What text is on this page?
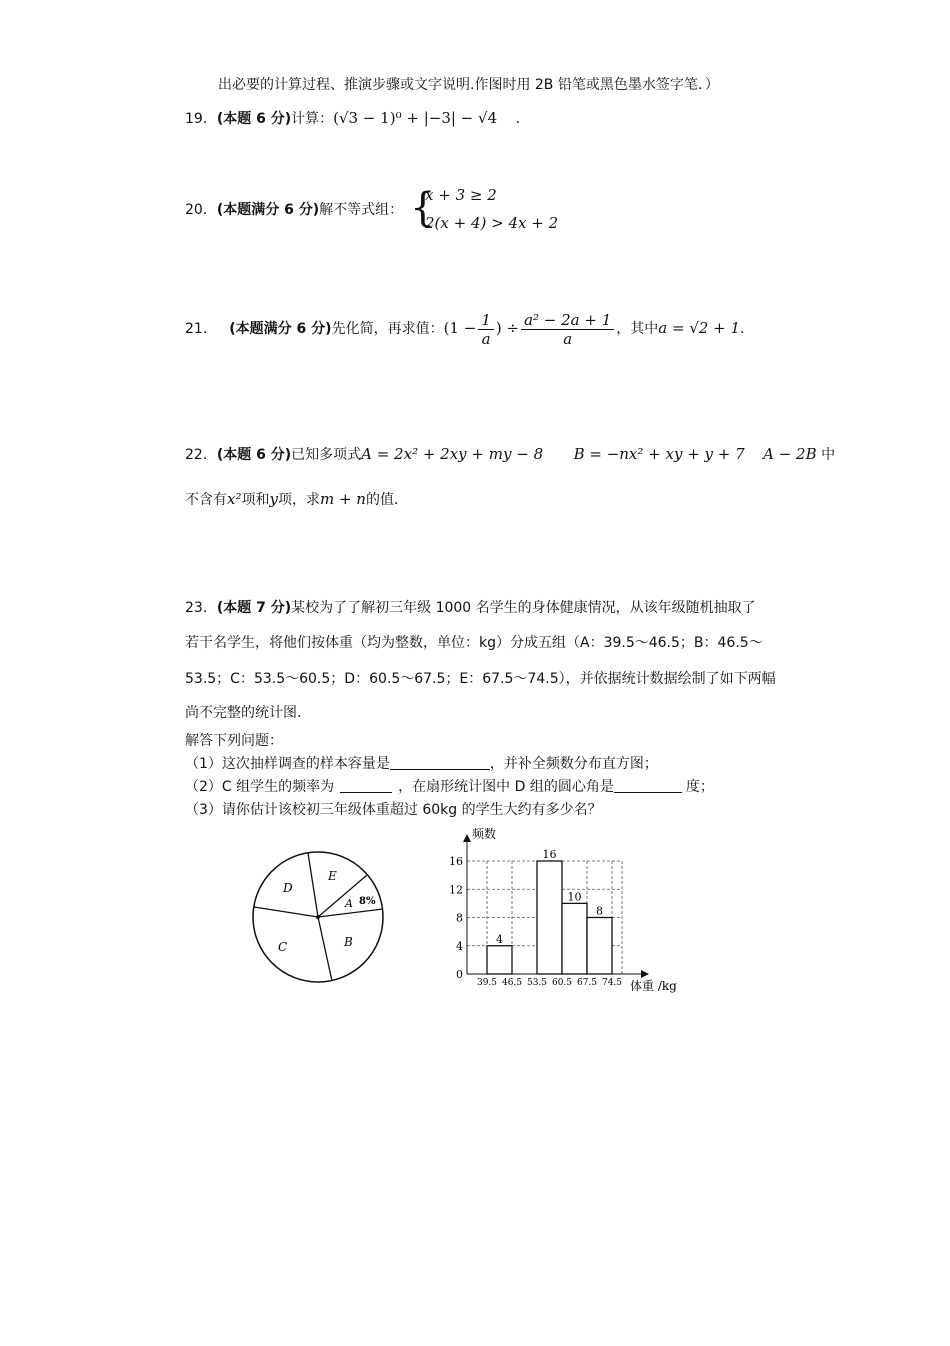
出必要的计算过程、推演步骤或文字说明.作图时用 2B 铅笔或黑色墨水签字笔．）
19．(本题 6 分)计算：(√3 − 1)⁰ + |−3| − √4 ．
20．(本题满分 6 分)解不等式组： {
x + 3 ≥ 2
2(x + 4) > 4x + 2
21． (本题满分 6 分)先化简，再求值：($1 - \frac{1}{a}$ ) ÷ $\frac{\text{a² − 2a + 1}}{a}$ ，其中a = √2 + 1．
22．(本题 6 分)已知多项式A = 2x² + 2xy + my − 8 B = −nx² + xy + y + 7 A − 2B 中
不含有x²项和y项，求m + n的值．
23．(本题 7 分)某校为了了解初三年级 1000 名学生的身体健康情况，从该年级随机抽取了
若干名学生，将他们按体重（均为整数，单位：kg）分成五组（A：39.5～46.5；B：46.5～
53.5；C：53.5～60.5；D：60.5～67.5；E：67.5～74.5），并依据统计数据绘制了如下两幅
尚不完整的统计图．
解答下列问题：
（1）这次抽样调查的样本容量是	，并补全频数分布直方图；
（2）C 组学生的频率为	，在扇形统计图中 D 组的圆心角是	度；
（3）请你估计该校初三年级体重超过 60kg 的学生大约有多少名？
D
E
A 8%
B
C
频数
体重 /kg
0
4
8
12
16
39.5 46.5 53.5 60.5 67.5 74.5
4
16
10
8
